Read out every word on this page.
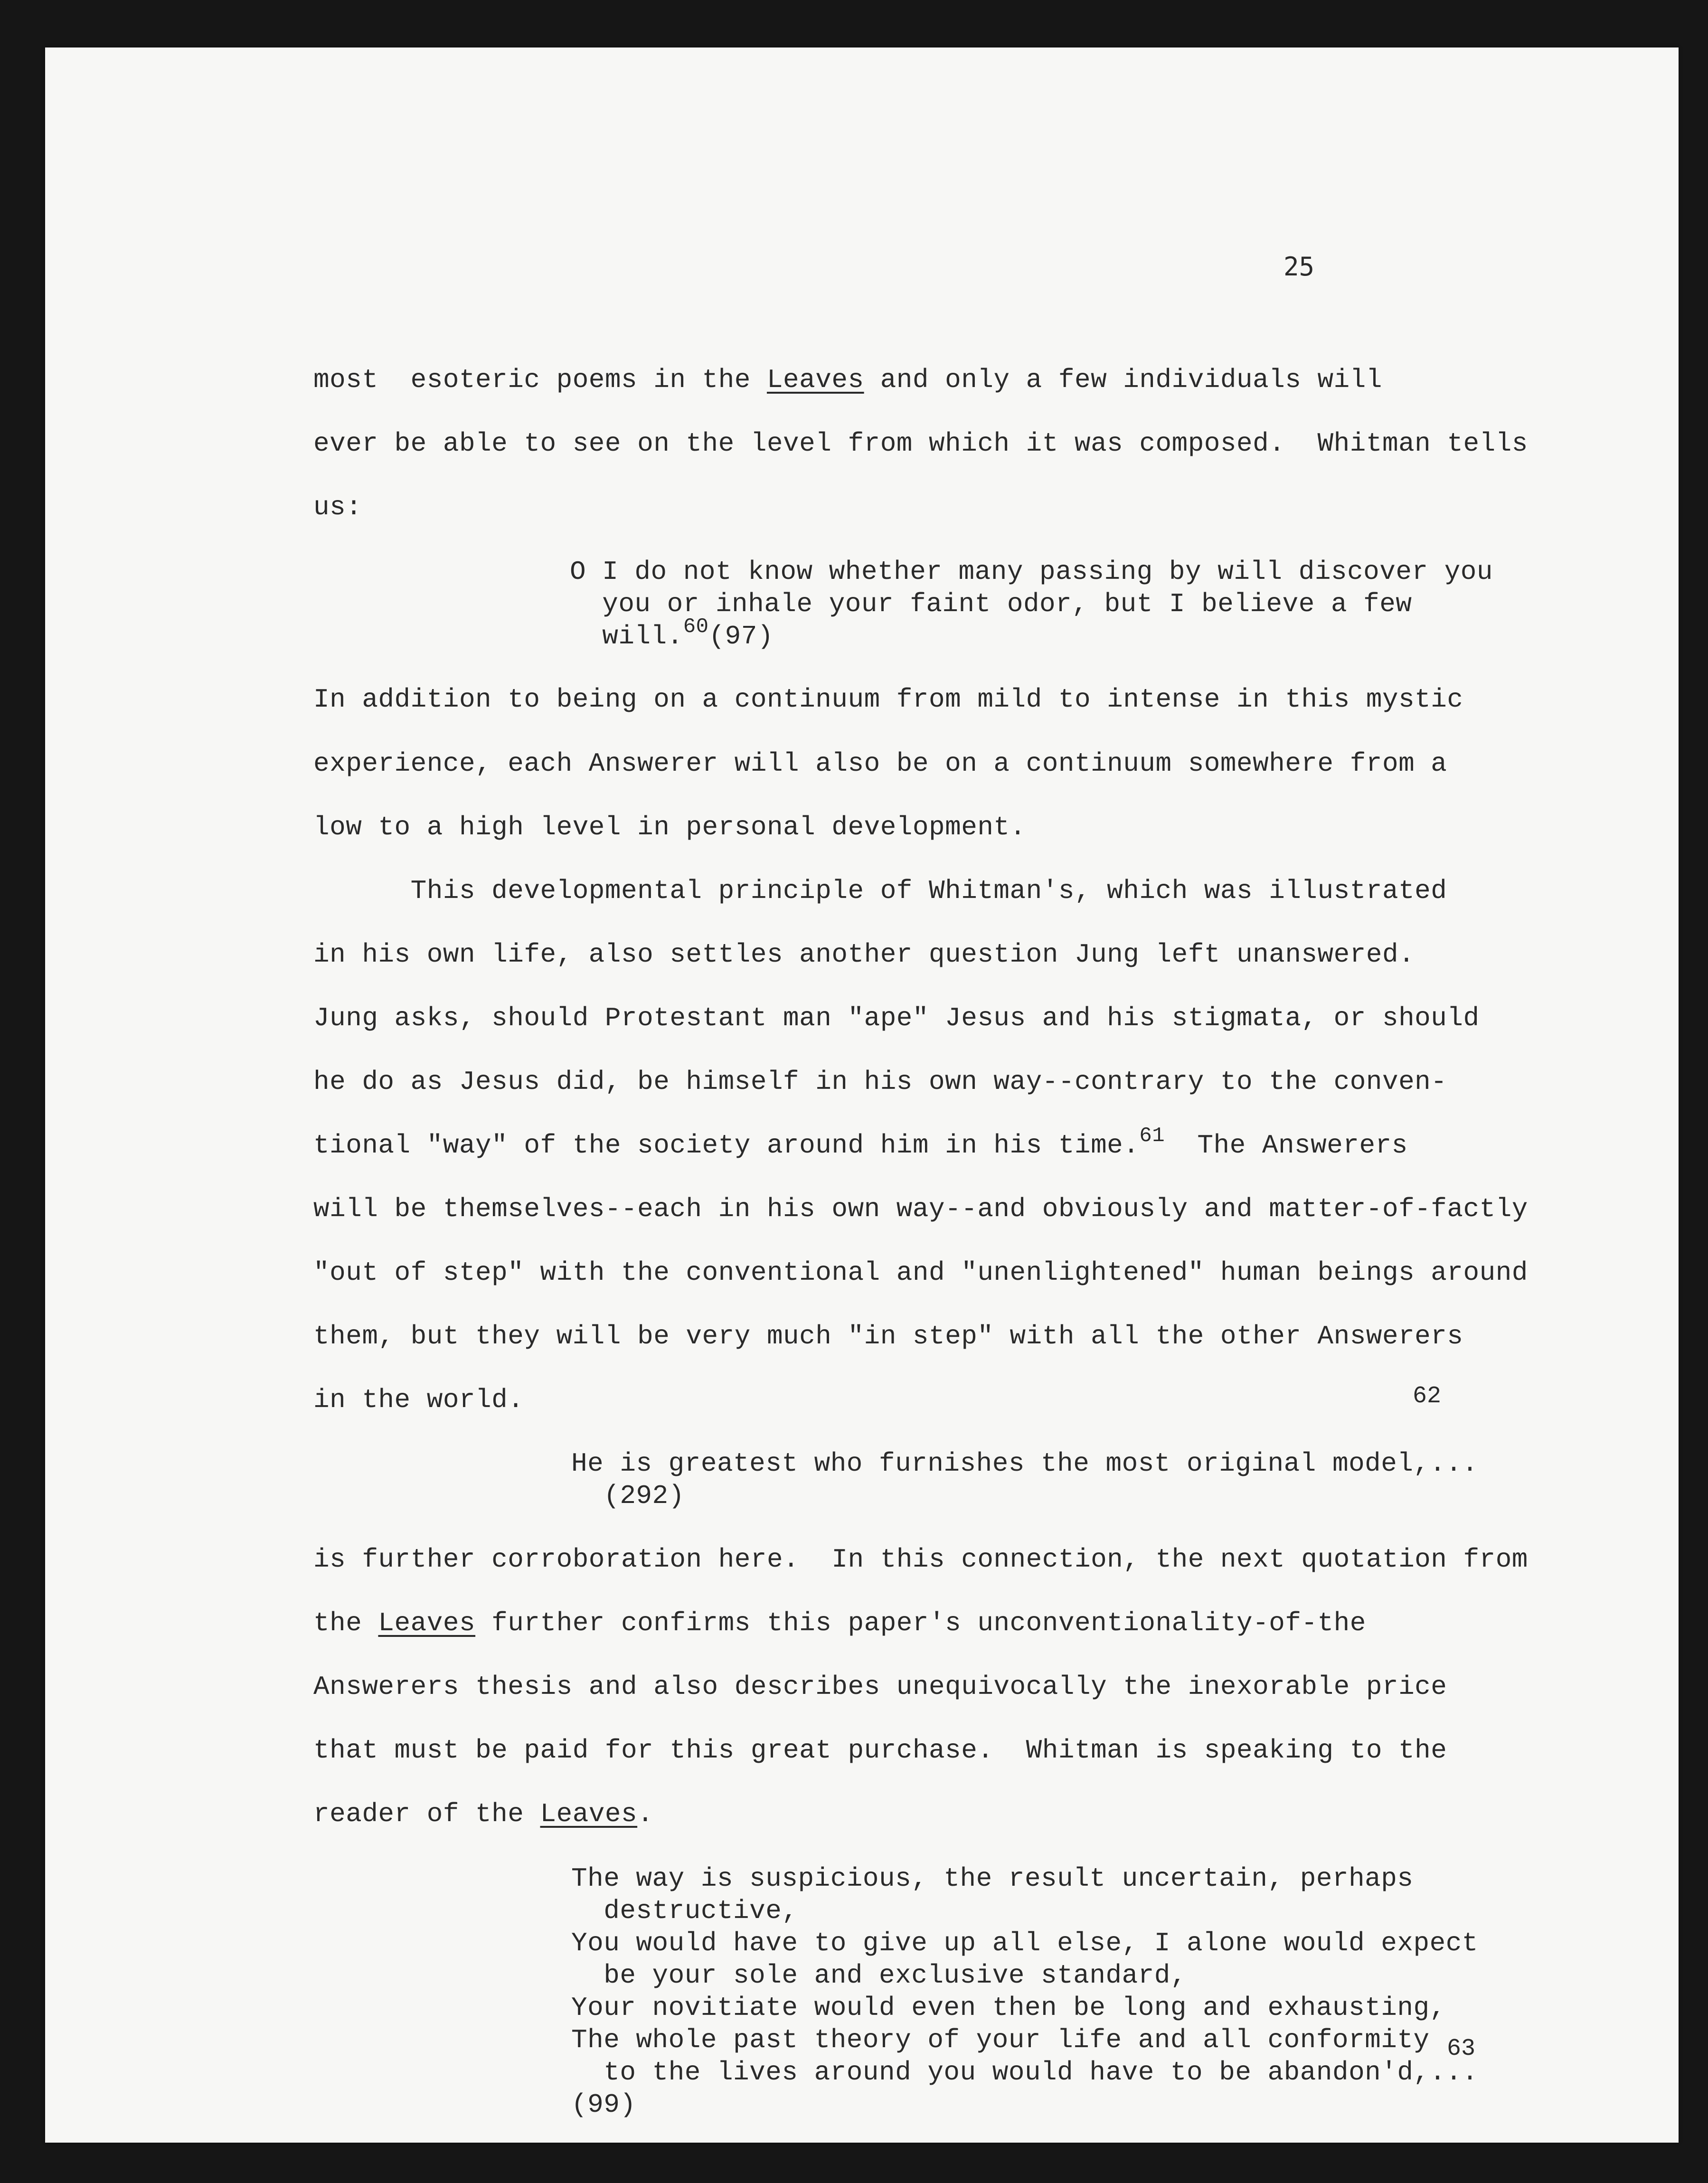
25
most  esoteric poems in the Leaves and only a few individuals will
ever be able to see on the level from which it was composed.  Whitman tells
us:
O I do not know whether many passing by will discover you
you or inhale your faint odor, but I believe a few
will.$^{60}$(97)
In addition to being on a continuum from mild to intense in this mystic
experience, each Answerer will also be on a continuum somewhere from a
low to a high level in personal development.
This developmental principle of Whitman's, which was illustrated
in his own life, also settles another question Jung left unanswered.
Jung asks, should Protestant man "ape" Jesus and his stigmata, or should
he do as Jesus did, be himself in his own way--contrary to the conven-
tional "way" of the society around him in his time.$^{61}$  The Answerers
will be themselves--each in his own way--and obviously and matter-of-factly
"out of step" with the conventional and "unenlightened" human beings around
them, but they will be very much "in step" with all the other Answerers
in the world.	62
He is greatest who furnishes the most original model,...
(292)
is further corroboration here.  In this connection, the next quotation from
the Leaves further confirms this paper's unconventionality-of-the
Answerers thesis and also describes unequivocally the inexorable price
that must be paid for this great purchase.  Whitman is speaking to the
reader of the Leaves.
The way is suspicious, the result uncertain, perhaps
destructive,
You would have to give up all else, I alone would expect
be your sole and exclusive standard,
Your novitiate would even then be long and exhausting,
The whole past theory of your life and all conformity
to the lives around you would have to be abandon'd,...
63
(99)
